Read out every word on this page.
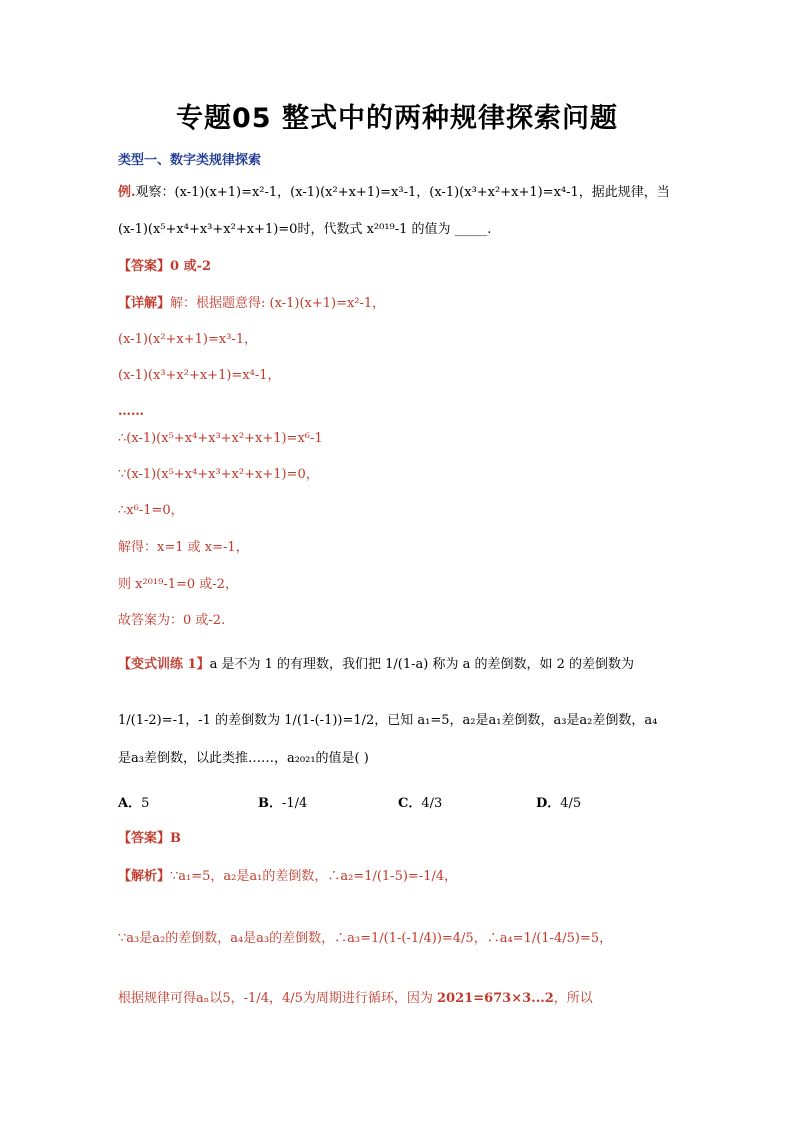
专题05 整式中的两种规律探索问题
类型一、数字类规律探索
例.观察：(x-1)(x+1)=x²-1，(x-1)(x²+x+1)=x³-1，(x-1)(x³+x²+x+1)=x⁴-1，据此规律，当
(x-1)(x⁵+x⁴+x³+x²+x+1)=0时，代数式 x²⁰¹⁹-1 的值为 _____.
【答案】0 或-2
【详解】解：根据题意得: (x-1)(x+1)=x²-1，
(x-1)(x²+x+1)=x³-1，
(x-1)(x³+x²+x+1)=x⁴-1，
……
∴(x-1)(x⁵+x⁴+x³+x²+x+1)=x⁶-1
∵(x-1)(x⁵+x⁴+x³+x²+x+1)=0，
∴x⁶-1=0，
解得：x=1 或 x=-1，
则 x²⁰¹⁹-1=0 或-2，
故答案为：0 或-2.
【变式训练 1】a 是不为 1 的有理数，我们把 1/(1-a) 称为 a 的差倒数，如 2 的差倒数为
1/(1-2)=-1，-1 的差倒数为 1/(1-(-1))=1/2，已知 a₁=5，a₂是a₁差倒数，a₃是a₂差倒数，a₄
是a₃差倒数，以此类推……，a₂₀₂₁的值是( )
A．5	B．-1/4	C．4/3	D．4/5
【答案】B
【解析】∵a₁=5，a₂是a₁的差倒数，∴a₂=1/(1-5)=-1/4，
∵a₃是a₂的差倒数，a₄是a₃的差倒数，∴a₃=1/(1-(-1/4))=4/5，∴a₄=1/(1-4/5)=5，
根据规律可得aₙ以5，-1/4，4/5为周期进行循环，因为 2021=673×3...2，所以
